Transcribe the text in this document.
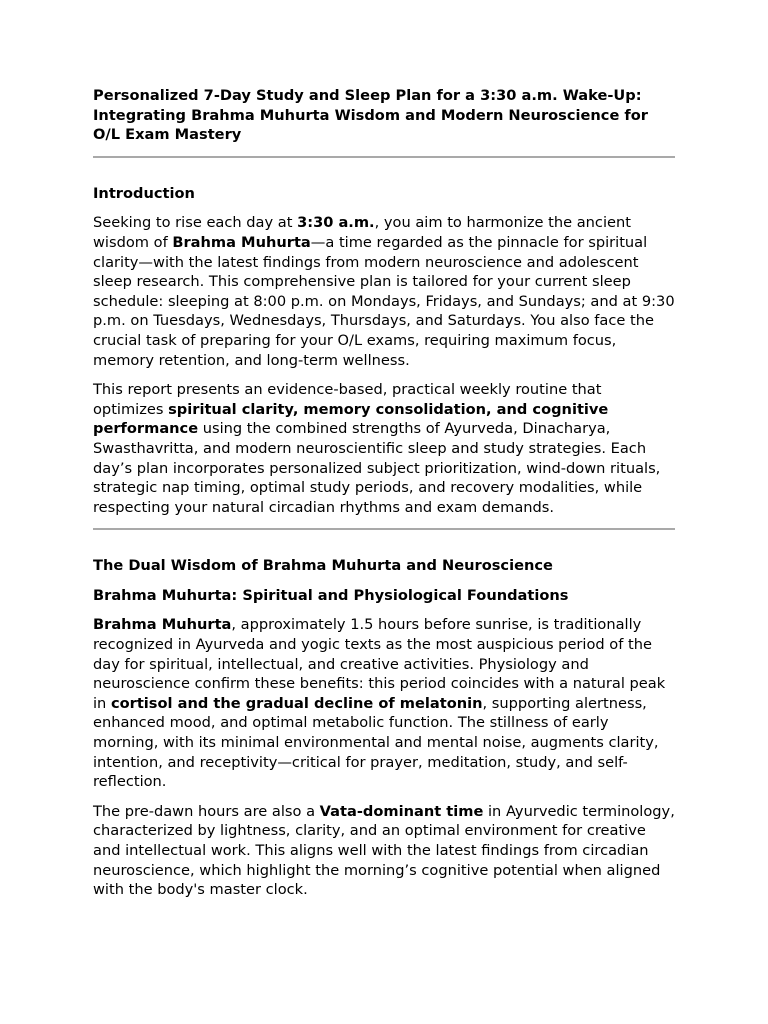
Personalized 7-Day Study and Sleep Plan for a 3:30 a.m. Wake-Up: Integrating Brahma Muhurta Wisdom and Modern Neuroscience for O/L Exam Mastery

Introduction

Seeking to rise each day at 3:30 a.m., you aim to harmonize the ancient wisdom of Brahma Muhurta—a time regarded as the pinnacle for spiritual clarity—with the latest findings from modern neuroscience and adolescent sleep research. This comprehensive plan is tailored for your current sleep schedule: sleeping at 8:00 p.m. on Mondays, Fridays, and Sundays; and at 9:30 p.m. on Tuesdays, Wednesdays, Thursdays, and Saturdays. You also face the crucial task of preparing for your O/L exams, requiring maximum focus, memory retention, and long-term wellness.

This report presents an evidence-based, practical weekly routine that optimizes spiritual clarity, memory consolidation, and cognitive performance using the combined strengths of Ayurveda, Dinacharya, Swasthavritta, and modern neuroscientific sleep and study strategies. Each day’s plan incorporates personalized subject prioritization, wind-down rituals, strategic nap timing, optimal study periods, and recovery modalities, while respecting your natural circadian rhythms and exam demands.

The Dual Wisdom of Brahma Muhurta and Neuroscience

Brahma Muhurta: Spiritual and Physiological Foundations

Brahma Muhurta, approximately 1.5 hours before sunrise, is traditionally recognized in Ayurveda and yogic texts as the most auspicious period of the day for spiritual, intellectual, and creative activities. Physiology and neuroscience confirm these benefits: this period coincides with a natural peak in cortisol and the gradual decline of melatonin, supporting alertness, enhanced mood, and optimal metabolic function. The stillness of early morning, with its minimal environmental and mental noise, augments clarity, intention, and receptivity—critical for prayer, meditation, study, and self-reflection.

The pre-dawn hours are also a Vata-dominant time in Ayurvedic terminology, characterized by lightness, clarity, and an optimal environment for creative and intellectual work. This aligns well with the latest findings from circadian neuroscience, which highlight the morning’s cognitive potential when aligned with the body's master clock.
